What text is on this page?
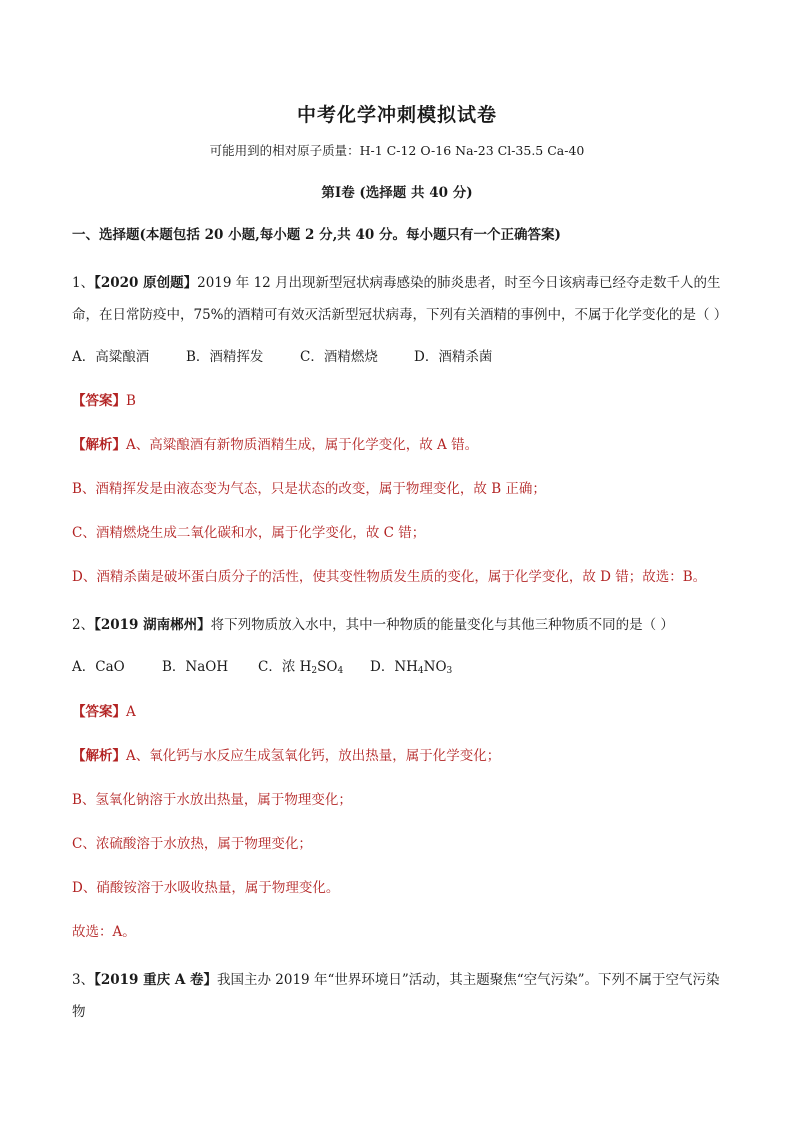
中考化学冲刺模拟试卷
可能用到的相对原子质量：H-1 C-12 O-16 Na-23 Cl-35.5 Ca-40
第Ⅰ卷 (选择题 共 40 分)
一、选择题(本题包括 20 小题,每小题 2 分,共 40 分。每小题只有一个正确答案)

1、【2020 原创题】2019 年 12 月出现新型冠状病毒感染的肺炎患者，时至今日该病毒已经夺走数千人的生命，在日常防疫中，75%的酒精可有效灭活新型冠状病毒，下列有关酒精的事例中，不属于化学变化的是（ ）

A．高粱酿酒	B．酒精挥发	C．酒精燃烧	D．酒精杀菌
【答案】B
【解析】A、高粱酿酒有新物质酒精生成，属于化学变化，故 A 错。
B、酒精挥发是由液态变为气态，只是状态的改变，属于物理变化，故 B 正确；
C、酒精燃烧生成二氧化碳和水，属于化学变化，故 C 错；
D、酒精杀菌是破坏蛋白质分子的活性，使其变性物质发生质的变化，属于化学变化，故 D 错；故选：B。

2、【2019 湖南郴州】将下列物质放入水中，其中一种物质的能量变化与其他三种物质不同的是（ ）

A．CaO	B．NaOH	C．浓 $H_2SO_4$	D．$NH_4NO_3$
【答案】A
【解析】A、氧化钙与水反应生成氢氧化钙，放出热量，属于化学变化；
B、氢氧化钠溶于水放出热量，属于物理变化；
C、浓硫酸溶于水放热，属于物理变化；
D、硝酸铵溶于水吸收热量，属于物理变化。
故选：A。

3、【2019 重庆 A 卷】我国主办 2019 年“世界环境日”活动，其主题聚焦“空气污染”。下列不属于空气污染物
